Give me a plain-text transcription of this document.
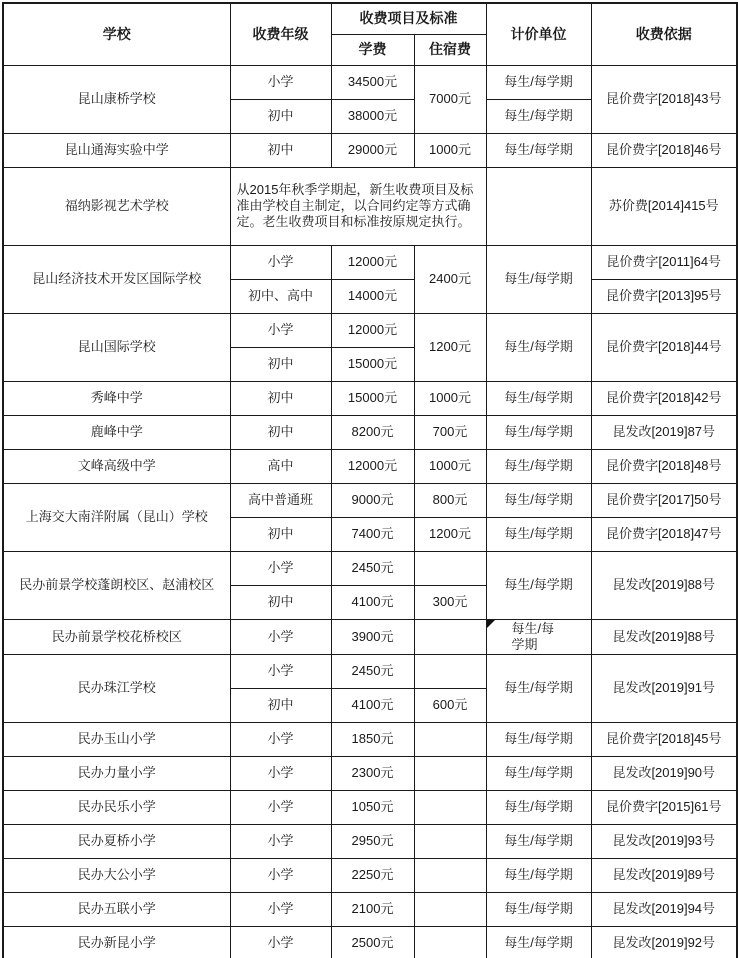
学校	收费年级	收费项目及标准		计价单位	收费依据
		学费	住宿费		
昆山康桥学校	小学	34500元	7000元	每生/每学期	昆价费字[2018]43号
	初中	38000元		每生/每学期	
昆山通海实验中学	初中	29000元	1000元	每生/每学期	昆价费字[2018]46号
福纳影视艺术学校	从2015年秋季学期起，新生收费项目及标准由学校自主制定，以合同约定等方式确定。老生收费项目和标准按原规定执行。				苏价费[2014]415号
昆山经济技术开发区国际学校	小学	12000元	2400元	每生/每学期	昆价费字[2011]64号
	初中、高中	14000元			昆价费字[2013]95号
昆山国际学校	小学	12000元	1200元	每生/每学期	昆价费字[2018]44号
	初中	15000元			
秀峰中学	初中	15000元	1000元	每生/每学期	昆价费字[2018]42号
鹿峰中学	初中	8200元	700元	每生/每学期	昆发改[2019]87号
文峰高级中学	高中	12000元	1000元	每生/每学期	昆价费字[2018]48号
上海交大南洋附属（昆山）学校	高中普通班	9000元	800元	每生/每学期	昆价费字[2017]50号
	初中	7400元	1200元	每生/每学期	昆价费字[2018]47号
民办前景学校蓬朗校区、赵浦校区	小学	2450元		每生/每学期	昆发改[2019]88号
	初中	4100元	300元		
民办前景学校花桥校区	小学	3900元		每生/每学期	昆发改[2019]88号
民办珠江学校	小学	2450元		每生/每学期	昆发改[2019]91号
	初中	4100元	600元		
民办玉山小学	小学	1850元		每生/每学期	昆价费字[2018]45号
民办力量小学	小学	2300元		每生/每学期	昆发改[2019]90号
民办民乐小学	小学	1050元		每生/每学期	昆价费字[2015]61号
民办夏桥小学	小学	2950元		每生/每学期	昆发改[2019]93号
民办大公小学	小学	2250元		每生/每学期	昆发改[2019]89号
民办五联小学	小学	2100元		每生/每学期	昆发改[2019]94号
民办新昆小学	小学	2500元		每生/每学期	昆发改[2019]92号
